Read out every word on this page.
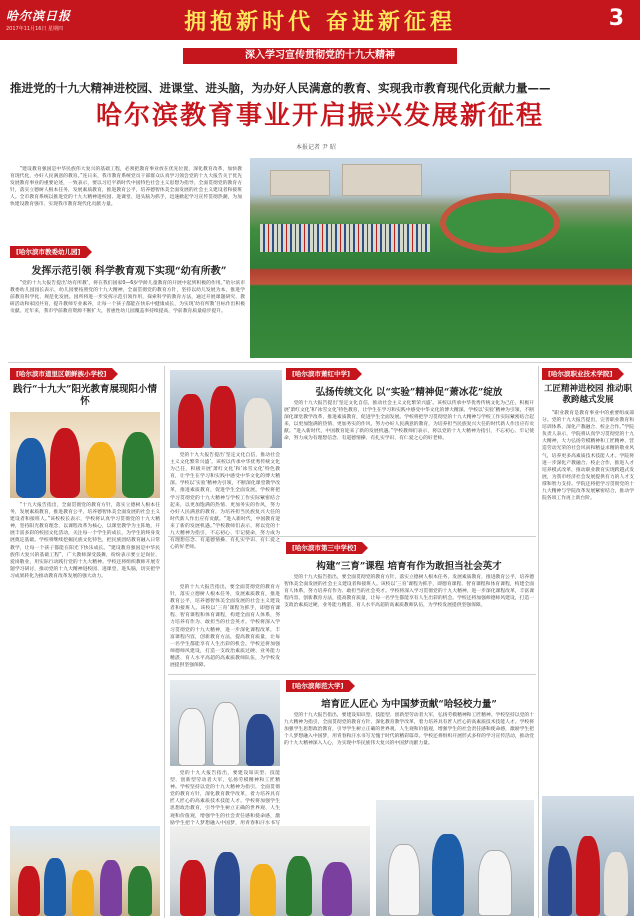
哈尔滨日报
2017年11月16日 星期四	拥抱新时代 奋进新征程	3
深入学习宣传贯彻党的十九大精神
推进党的十九大精神进校园、进课堂、进头脑，为办好人民满意的教育、实现我市教育现代化贡献力量——
哈尔滨教育事业开启振兴发展新征程
本报记者 尹 昭

“建设教育强国是中华民族伟大复兴的基础工程，必须把教育事业放在优先位置，深化教育改革，加快教育现代化，办好人民满意的教育。”连日来，我市教育系统党员干部群众认真学习领会党的十九大报告关于优先发展教育事业的重要论述，一致表示，要以习近平新时代中国特色社会主义思想为指导，全面贯彻党的教育方针，落实立德树人根本任务，发展素质教育，推进教育公平，培养德智体美全面发展的社会主义建设者和接班人。全市教育系统以推进党的十九大精神进校园、进课堂、进头脑为抓手，迅速掀起学习宣传贯彻热潮，为加快建设教育强市、实现我市教育现代化贡献力量。

[哈尔滨市教委幼儿园]
发挥示范引领 科学教育观下实现“幼有所教”

“党的十九大报告提出‘幼有所教’，将在我们国家0—6岁学龄儿童教育的开展中起到积极的作用。”哈尔滨市教委幼儿园园长表示，幼儿园要按照党的十九大精神，全面贯彻党的教育方针，坚持以幼儿发展为本，推进学前教育科学化、规范化发展。园所将进一步发挥示范引领作用，探索科学的教育方法，通过开展课题研究、教研活动和家园共育，提升教师专业素养，让每一个孩子都能在快乐中健康成长，为实现‘幼有所教’目标作出积极贡献。近年来，我市学前教育资源不断扩大，普惠性幼儿园覆盖率持续提高，学前教育质量稳步提升。

[哈尔滨市道里区朝鲜族小学校]
践行“十九大”阳光教育展现阳小情怀

“十九大报告指出，全面贯彻党的教育方针，落实立德树人根本任务，发展素质教育，推进教育公平，培养德智体美全面发展的社会主义建设者和接班人。”该校校长表示，学校将认真学习贯彻党的十九大精神，坚持阳光教育理念，以课程改革为核心，以课堂教学为主阵地，开展丰富多彩的校园文化活动，关注每一个学生的成长，为学生的终身发展奠定基础。学校将继续挖掘民族文化特色，把民族团结教育融入日常教学，让每一个孩子都能在阳光下快乐成长。“建设教育强国是中华民族伟大复兴的基础工程”，广大教师深受鼓舞，纷纷表示要立足岗位、爱岗敬业，用实际行动践行党的十九大精神。学校还将组织教师开展专题学习研讨，推动党的十九大精神进校园、进课堂、进头脑，切实把学习成果转化为推动教育改革发展的强大动力。

[哈尔滨市萧红中学]
弘扬传统文化 以“实验”精神促“萧冰花”绽放

党的十九大报告提出‘坚定文化自信，推动社会主义文化繁荣兴盛’。该校以传承中华优秀传统文化为己任，积极开展‘萧红文化’和‘冰雪文化’特色教育，让学生在学习和实践中感受中华文化的博大精深。学校以‘实验’精神为引领，不断深化课堂教学改革，推进素质教育，促进学生全面发展。学校将把学习贯彻党的十九大精神与学校工作实际紧密结合起来，以更加饱满的热情、更加务实的作风，努力办好人民满意的教育，为培养担当民族复兴大任的时代新人作出应有贡献。“进入新时代，中国教育迎来了新的发展机遇。”学校教师们表示，将以党的十九大精神为指引，不忘初心、牢记使命，努力成为有理想信念、有道德情操、有扎实学识、有仁爱之心的好老师。

党的十九大报告提出‘坚定文化自信，推动社会主义文化繁荣兴盛’。该校以传承中华优秀传统文化为己任，积极开展‘萧红文化’和‘冰雪文化’特色教育，让学生在学习和实践中感受中华文化的博大精深。学校以‘实验’精神为引领，不断深化课堂教学改革，推进素质教育，促进学生全面发展。学校将把学习贯彻党的十九大精神与学校工作实际紧密结合起来，以更加饱满的热情、更加务实的作风，努力办好人民满意的教育，为培养担当民族复兴大任的时代新人作出应有贡献。“进入新时代，中国教育迎来了新的发展机遇。”学校教师们表示，将以党的十九大精神为指引，不忘初心、牢记使命，努力成为有理想信念、有道德情操、有扎实学识、有仁爱之心的好老师。	[哈尔滨市第三中学校]
构建“三育”课程 培育有作为敢担当社会英才

党的十九大报告指出，要全面贯彻党的教育方针，落实立德树人根本任务，发展素质教育，推进教育公平，培养德智体美全面发展的社会主义建设者和接班人。该校以‘三育’课程为抓手，即德育课程、智育课程和体育课程，构建全面育人体系，努力培养有作为、敢担当的社会英才。学校将深入学习贯彻党的十九大精神，进一步深化课程改革，丰富课程内容，创新教育方法，提高教育质量，让每一名学生都能享有人生出彩的机会。学校还将加强师德师风建设，打造一支政治素质过硬、业务能力精湛、育人水平高超的高素质教师队伍，为学校发展提供坚强保障。

党的十九大报告指出，要全面贯彻党的教育方针，落实立德树人根本任务，发展素质教育，推进教育公平，培养德智体美全面发展的社会主义建设者和接班人。该校以‘三育’课程为抓手，即德育课程、智育课程和体育课程，构建全面育人体系，努力培养有作为、敢担当的社会英才。学校将深入学习贯彻党的十九大精神，进一步深化课程改革，丰富课程内容，创新教育方法，提高教育质量，让每一名学生都能享有人生出彩的机会。学校还将加强师德师风建设，打造一支政治素质过硬、业务能力精湛、育人水平高超的高素质教师队伍，为学校发展提供坚强保障。

[哈尔滨师范大学]
培育匠人匠心 为中国梦贡献“哈轻校力量”

党的十九大报告指出，要建设知识型、技能型、创新型劳动者大军，弘扬劳模精神和工匠精神。学校坚持以党的十九大精神为指引，全面贯彻党的教育方针，深化教育教学改革，着力培养具有匠人匠心的高素质技术技能人才。学校将加强学生思想政治教育，引导学生树立正确的世界观、人生观和价值观，增强学生的社会责任感和使命感，激励学生把个人梦想融入中国梦，用青春和汗水书写无愧于时代的精彩篇章。学校还将组织开展形式多样的学习宣传活动，推动党的十九大精神深入人心，为实现中华民族伟大复兴的中国梦贡献力量。

党的十九大报告指出，要建设知识型、技能型、创新型劳动者大军，弘扬劳模精神和工匠精神。学校坚持以党的十九大精神为指引，全面贯彻党的教育方针，深化教育教学改革，着力培养具有匠人匠心的高素质技术技能人才。学校将加强学生思想政治教育，引导学生树立正确的世界观、人生观和价值观，增强学生的社会责任感和使命感，激励学生把个人梦想融入中国梦，用青春和汗水书写

[哈尔滨职业技术学院]
工匠精神进校园 推动职教跨越式发展

“职业教育是教育事业中的重要组成部分。党的十九大报告提出，完善职业教育和培训体系，深化产教融合、校企合作。”学院负责人表示，学院将认真学习贯彻党的十九大精神，大力弘扬劳模精神和工匠精神，营造劳动光荣的社会风尚和精益求精的敬业风气，培养更多高素质技术技能人才。学院将进一步深化产教融合、校企合作，推进人才培养模式改革，推动职业教育实现跨越式发展，为我市经济社会发展提供有力的人才支撑和智力支持。学院还将把学习贯彻党的十九大精神与学院改革发展紧密结合，推动学院各项工作再上新台阶。
